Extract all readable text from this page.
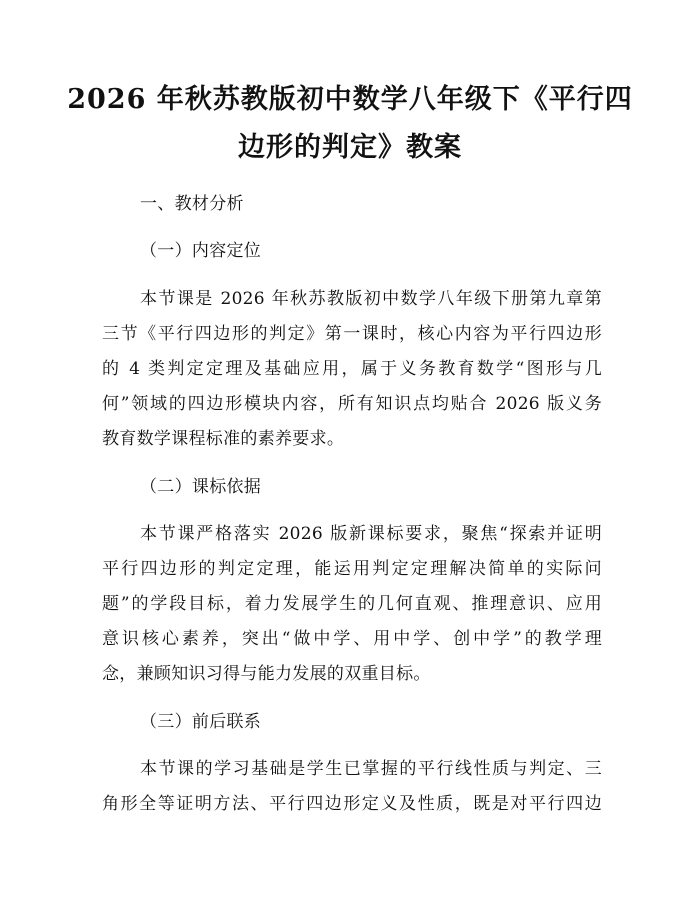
2026 年秋苏教版初中数学八年级下《平行四
边形的判定》教案
一、教材分析
（一）内容定位
本节课是 2026 年秋苏教版初中数学八年级下册第九章第
三节《平行四边形的判定》第一课时，核心内容为平行四边形
的 4 类判定定理及基础应用，属于义务教育数学“图形与几
何”领域的四边形模块内容，所有知识点均贴合 2026 版义务
教育数学课程标准的素养要求。
（二）课标依据
本节课严格落实 2026 版新课标要求，聚焦“探索并证明
平行四边形的判定定理，能运用判定定理解决简单的实际问
题”的学段目标，着力发展学生的几何直观、推理意识、应用
意识核心素养，突出“做中学、用中学、创中学”的教学理
念，兼顾知识习得与能力发展的双重目标。
（三）前后联系
本节课的学习基础是学生已掌握的平行线性质与判定、三
角形全等证明方法、平行四边形定义及性质，既是对平行四边
